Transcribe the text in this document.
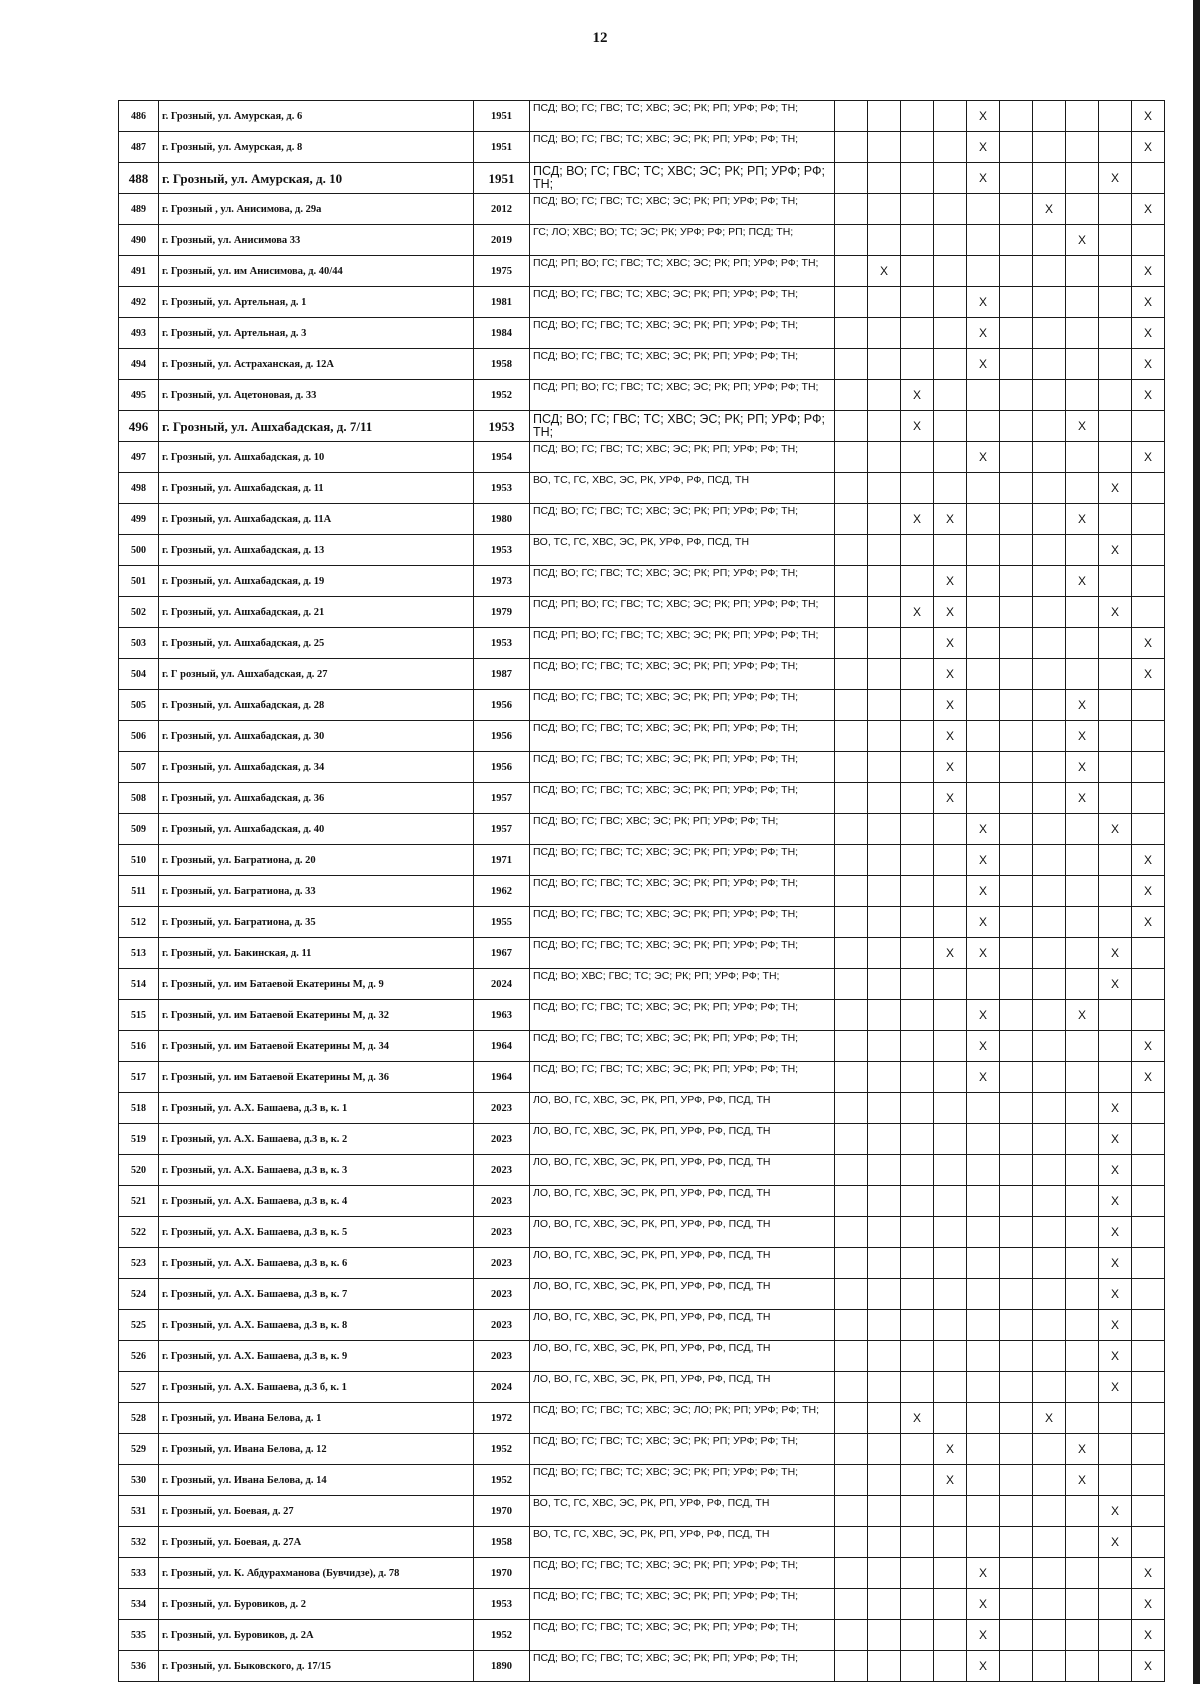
12
486	г. Грозный, ул. Амурская, д. 6	1951	ПСД; ВО; ГС; ГВС; ТС; ХВС; ЭС; РК; РП; УРФ; РФ; ТН;					X					X
487	г. Грозный, ул. Амурская, д. 8	1951	ПСД; ВО; ГС; ГВС; ТС; ХВС; ЭС; РК; РП; УРФ; РФ; ТН;					X					X
488	г. Грозный, ул. Амурская, д. 10	1951	ПСД; ВО; ГС; ГВС; ТС; ХВС; ЭС; РК; РП; УРФ; РФ; ТН;					X				X	
489	г. Грозный , ул. Анисимова, д. 29а	2012	ПСД; ВО; ГС; ГВС; ТС; ХВС; ЭС; РК; РП; УРФ; РФ; ТН;							X			X
490	г. Грозный, ул. Анисимова 33	2019	ГС; ЛО; ХВС; ВО; ТС; ЭС; РК; УРФ; РФ; РП; ПСД; ТН;								X		
491	г. Грозный, ул. им Анисимова, д. 40/44	1975	ПСД; РП; ВО; ГС; ГВС; ТС; ХВС; ЭС; РК; РП; УРФ; РФ; ТН;		X								X
492	г. Грозный, ул. Артельная, д. 1	1981	ПСД; ВО; ГС; ГВС; ТС; ХВС; ЭС; РК; РП; УРФ; РФ; ТН;					X					X
493	г. Грозный, ул. Артельная, д. 3	1984	ПСД; ВО; ГС; ГВС; ТС; ХВС; ЭС; РК; РП; УРФ; РФ; ТН;					X					X
494	г. Грозный, ул. Астраханская, д. 12А	1958	ПСД; ВО; ГС; ГВС; ТС; ХВС; ЭС; РК; РП; УРФ; РФ; ТН;					X					X
495	г. Грозный, ул. Ацетоновая, д. 33	1952	ПСД; РП; ВО; ГС; ГВС; ТС; ХВС; ЭС; РК; РП; УРФ; РФ; ТН;			X							X
496	г. Грозный, ул. Ашхабадская, д. 7/11	1953	ПСД; ВО; ГС; ГВС; ТС; ХВС; ЭС; РК; РП; УРФ; РФ; ТН;			X					X		
497	г. Грозный, ул. Ашхабадская, д. 10	1954	ПСД; ВО; ГС; ГВС; ТС; ХВС; ЭС; РК; РП; УРФ; РФ; ТН;					X					X
498	г. Грозный, ул. Ашхабадская, д. 11	1953	ВО, ТС, ГС, ХВС, ЭС, РК, УРФ, РФ, ПСД, ТН									X	
499	г. Грозный, ул. Ашхабадская, д. 11А	1980	ПСД; ВО; ГС; ГВС; ТС; ХВС; ЭС; РК; РП; УРФ; РФ; ТН;			X	X				X		
500	г. Грозный, ул. Ашхабадская, д. 13	1953	ВО, ТС, ГС, ХВС, ЭС, РК, УРФ, РФ, ПСД, ТН									X	
501	г. Грозный, ул. Ашхабадская, д. 19	1973	ПСД; ВО; ГС; ГВС; ТС; ХВС; ЭС; РК; РП; УРФ; РФ; ТН;				X				X		
502	г. Грозный, ул. Ашхабадская, д. 21	1979	ПСД; РП; ВО; ГС; ГВС; ТС; ХВС; ЭС; РК; РП; УРФ; РФ; ТН;			X	X					X	
503	г. Грозный, ул. Ашхабадская, д. 25	1953	ПСД; РП; ВО; ГС; ГВС; ТС; ХВС; ЭС; РК; РП; УРФ; РФ; ТН;				X						X
504	г. Г розный, ул. Ашхабадская, д. 27	1987	ПСД; ВО; ГС; ГВС; ТС; ХВС; ЭС; РК; РП; УРФ; РФ; ТН;				X						X
505	г. Грозный, ул. Ашхабадская, д. 28	1956	ПСД; ВО; ГС; ГВС; ТС; ХВС; ЭС; РК; РП; УРФ; РФ; ТН;				X				X		
506	г. Грозный, ул. Ашхабадская, д. 30	1956	ПСД; ВО; ГС; ГВС; ТС; ХВС; ЭС; РК; РП; УРФ; РФ; ТН;				X				X		
507	г. Грозный, ул. Ашхабадская, д. 34	1956	ПСД; ВО; ГС; ГВС; ТС; ХВС; ЭС; РК; РП; УРФ; РФ; ТН;				X				X		
508	г. Грозный, ул. Ашхабадская, д. 36	1957	ПСД; ВО; ГС; ГВС; ТС; ХВС; ЭС; РК; РП; УРФ; РФ; ТН;				X				X		
509	г. Грозный, ул. Ашхабадская, д. 40	1957	ПСД; ВО; ГС; ГВС; ХВС; ЭС; РК; РП; УРФ; РФ; ТН;					X				X	
510	г. Грозный, ул. Багратиона, д. 20	1971	ПСД; ВО; ГС; ГВС; ТС; ХВС; ЭС; РК; РП; УРФ; РФ; ТН;					X					X
511	г. Грозный, ул. Багратиона, д. 33	1962	ПСД; ВО; ГС; ГВС; ТС; ХВС; ЭС; РК; РП; УРФ; РФ; ТН;					X					X
512	г. Грозный, ул. Багратиона, д. 35	1955	ПСД; ВО; ГС; ГВС; ТС; ХВС; ЭС; РК; РП; УРФ; РФ; ТН;					X					X
513	г. Грозный, ул. Бакинская, д. 11	1967	ПСД; ВО; ГС; ГВС; ТС; ХВС; ЭС; РК; РП; УРФ; РФ; ТН;				X	X				X	
514	г. Грозный, ул. им Батаевой Екатерины М, д. 9	2024	ПСД; ВО; ХВС; ГВС; ТС; ЭС; РК; РП; УРФ; РФ; ТН;									X	
515	г. Грозный, ул. им Батаевой Екатерины М, д. 32	1963	ПСД; ВО; ГС; ГВС; ТС; ХВС; ЭС; РК; РП; УРФ; РФ; ТН;					X			X		
516	г. Грозный, ул. им Батаевой Екатерины М, д. 34	1964	ПСД; ВО; ГС; ГВС; ТС; ХВС; ЭС; РК; РП; УРФ; РФ; ТН;					X					X
517	г. Грозный, ул. им Батаевой Екатерины М, д. 36	1964	ПСД; ВО; ГС; ГВС; ТС; ХВС; ЭС; РК; РП; УРФ; РФ; ТН;					X					X
518	г. Грозный, ул. А.Х. Башаева, д.3 в, к. 1	2023	ЛО, ВО, ГС, ХВС, ЭС, РК, РП, УРФ, РФ, ПСД, ТН									X	
519	г. Грозный, ул. А.Х. Башаева, д.3 в, к. 2	2023	ЛО, ВО, ГС, ХВС, ЭС, РК, РП, УРФ, РФ, ПСД, ТН									X	
520	г. Грозный, ул. А.Х. Башаева, д.3 в, к. 3	2023	ЛО, ВО, ГС, ХВС, ЭС, РК, РП, УРФ, РФ, ПСД, ТН									X	
521	г. Грозный, ул. А.Х. Башаева, д.3 в, к. 4	2023	ЛО, ВО, ГС, ХВС, ЭС, РК, РП, УРФ, РФ, ПСД, ТН									X	
522	г. Грозный, ул. А.Х. Башаева, д.3 в, к. 5	2023	ЛО, ВО, ГС, ХВС, ЭС, РК, РП, УРФ, РФ, ПСД, ТН									X	
523	г. Грозный, ул. А.Х. Башаева, д.3 в, к. 6	2023	ЛО, ВО, ГС, ХВС, ЭС, РК, РП, УРФ, РФ, ПСД, ТН									X	
524	г. Грозный, ул. А.Х. Башаева, д.3 в, к. 7	2023	ЛО, ВО, ГС, ХВС, ЭС, РК, РП, УРФ, РФ, ПСД, ТН									X	
525	г. Грозный, ул. А.Х. Башаева, д.3 в, к. 8	2023	ЛО, ВО, ГС, ХВС, ЭС, РК, РП, УРФ, РФ, ПСД, ТН									X	
526	г. Грозный, ул. А.Х. Башаева, д.3 в, к. 9	2023	ЛО, ВО, ГС, ХВС, ЭС, РК, РП, УРФ, РФ, ПСД, ТН									X	
527	г. Грозный, ул. А.Х. Башаева, д.3 б, к. 1	2024	ЛО, ВО, ГС, ХВС, ЭС, РК, РП, УРФ, РФ, ПСД, ТН									X	
528	г. Грозный, ул. Ивана Белова, д. 1	1972	ПСД; ВО; ГС; ГВС; ТС; ХВС; ЭС; ЛО; РК; РП; УРФ; РФ; ТН;			X				X			
529	г. Грозный, ул. Ивана Белова, д. 12	1952	ПСД; ВО; ГС; ГВС; ТС; ХВС; ЭС; РК; РП; УРФ; РФ; ТН;				X				X		
530	г. Грозный, ул. Ивана Белова, д. 14	1952	ПСД; ВО; ГС; ГВС; ТС; ХВС; ЭС; РК; РП; УРФ; РФ; ТН;				X				X		
531	г. Грозный, ул. Боевая, д. 27	1970	ВО, ТС, ГС, ХВС, ЭС, РК, РП, УРФ, РФ, ПСД, ТН									X	
532	г. Грозный, ул. Боевая, д. 27А	1958	ВО, ТС, ГС, ХВС, ЭС, РК, РП, УРФ, РФ, ПСД, ТН									X	
533	г. Грозный, ул. К. Абдурахманова (Бувчидзе), д. 78	1970	ПСД; ВО; ГС; ГВС; ТС; ХВС; ЭС; РК; РП; УРФ; РФ; ТН;					X					X
534	г. Грозный, ул. Буровиков, д. 2	1953	ПСД; ВО; ГС; ГВС; ТС; ХВС; ЭС; РК; РП; УРФ; РФ; ТН;					X					X
535	г. Грозный, ул. Буровиков, д. 2А	1952	ПСД; ВО; ГС; ГВС; ТС; ХВС; ЭС; РК; РП; УРФ; РФ; ТН;					X					X
536	г. Грозный, ул. Быковского, д. 17/15	1890	ПСД; ВО; ГС; ГВС; ТС; ХВС; ЭС; РК; РП; УРФ; РФ; ТН;					X					X
